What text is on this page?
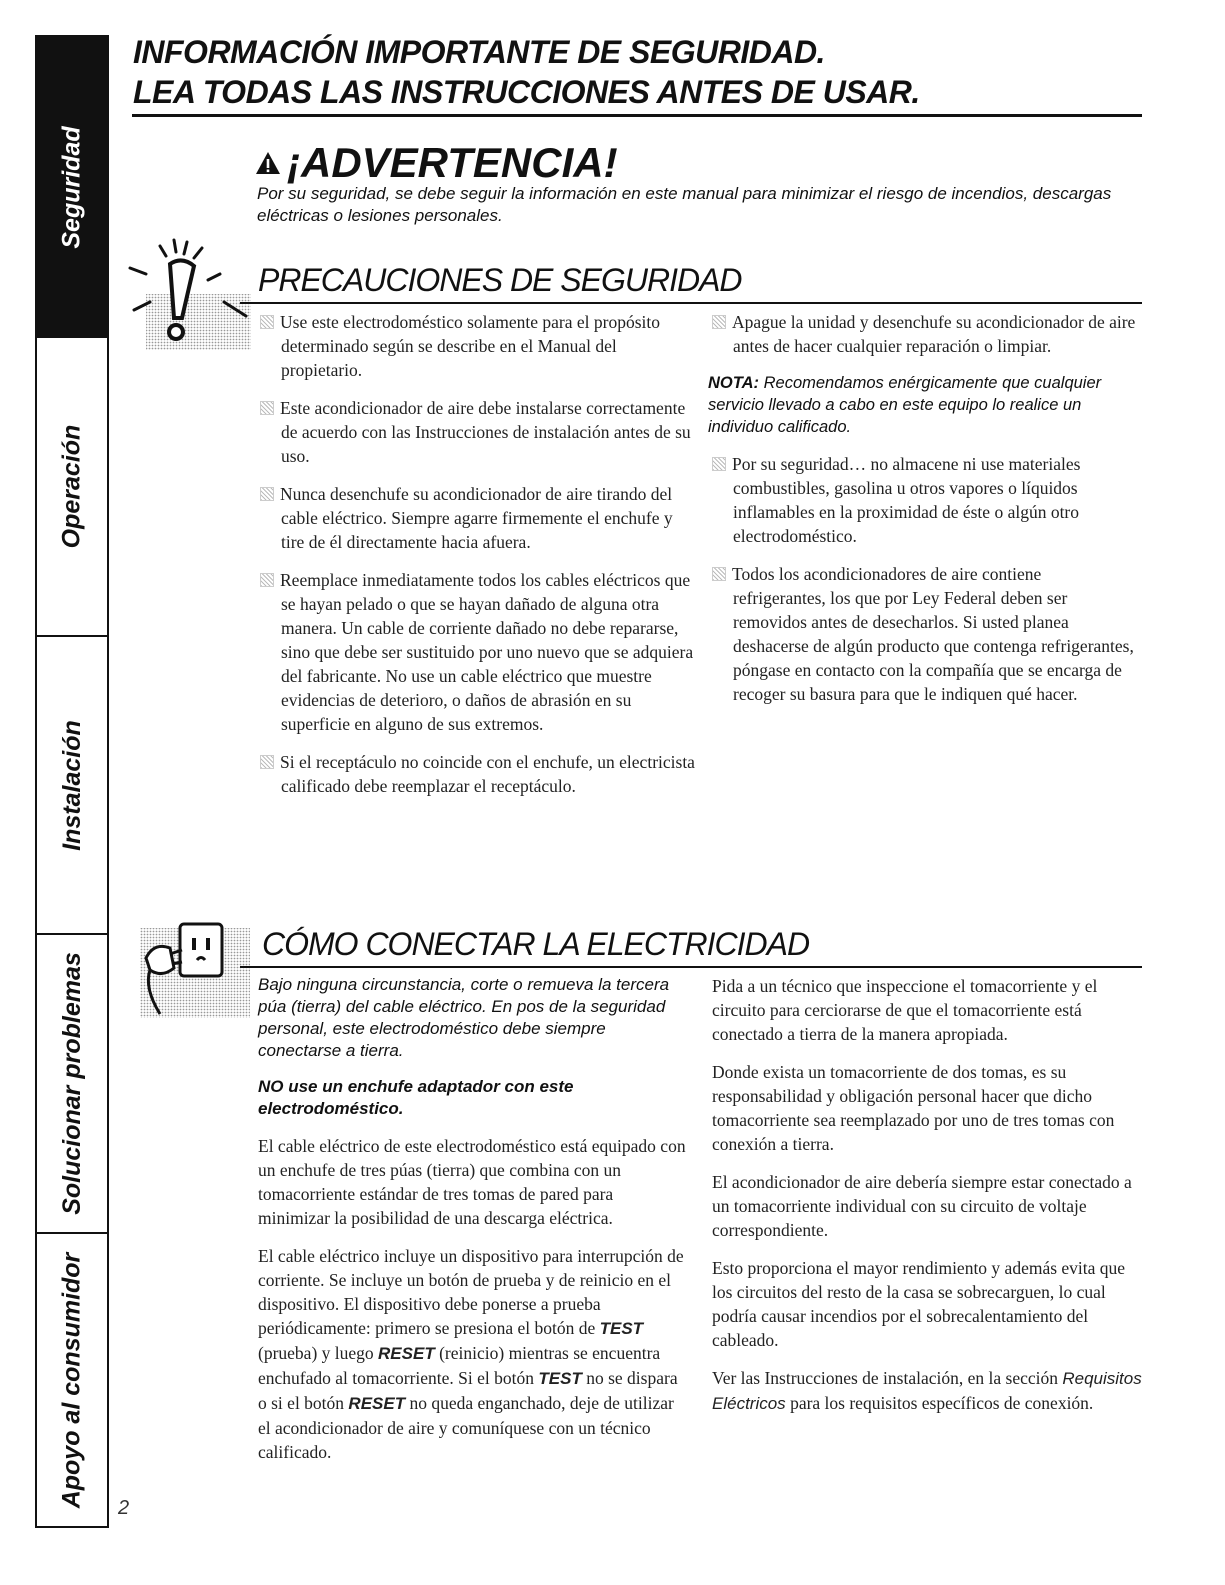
Seguridad
Operación
Instalación
Solucionar problemas
Apoyo al consumidor
INFORMACIÓN IMPORTANTE DE SEGURIDAD.
LEA TODAS LAS INSTRUCCIONES ANTES DE USAR.
¡ADVERTENCIA!
Por su seguridad, se debe seguir la información en este manual para minimizar el riesgo de incendios, descargas eléctricas o lesiones personales.
PRECAUCIONES DE SEGURIDAD

Use este electrodoméstico solamente para el propósito determinado según se describe en el Manual del propietario.

Este acondicionador de aire debe instalarse correctamente de acuerdo con las Instrucciones de instalación antes de su uso.

Nunca desenchufe su acondicionador de aire tirando del cable eléctrico. Siempre agarre firmemente el enchufe y tire de él directamente hacia afuera.

Reemplace inmediatamente todos los cables eléctricos que se hayan pelado o que se hayan dañado de alguna otra manera. Un cable de corriente dañado no debe repararse, sino que debe ser sustituido por uno nuevo que se adquiera del fabricante. No use un cable eléctrico que muestre evidencias de deterioro, o daños de abrasión en su superficie en alguno de sus extremos.

Si el receptáculo no coincide con el enchufe, un electricista calificado debe reemplazar el receptáculo.

Apague la unidad y desenchufe su acondicionador de aire antes de hacer cualquier reparación o limpiar.

NOTA: Recomendamos enérgicamente que cualquier servicio llevado a cabo en este equipo lo realice un individuo calificado.

Por su seguridad… no almacene ni use materiales combustibles, gasolina u otros vapores o líquidos inflamables en la proximidad de éste o algún otro electrodoméstico.

Todos los acondicionadores de aire contiene refrigerantes, los que por Ley Federal deben ser removidos antes de desecharlos. Si usted planea deshacerse de algún producto que contenga refrigerantes, póngase en contacto con la compañía que se encarga de recoger su basura para que le indiquen qué hacer.

CÓMO CONECTAR LA ELECTRICIDAD

Bajo ninguna circunstancia, corte o remueva la tercera púa (tierra) del cable eléctrico. En pos de la seguridad personal, este electrodoméstico debe siempre conectarse a tierra.

NO use un enchufe adaptador con este electrodoméstico.

El cable eléctrico de este electrodoméstico está equipado con un enchufe de tres púas (tierra) que combina con un tomacorriente estándar de tres tomas de pared para minimizar la posibilidad de una descarga eléctrica.

El cable eléctrico incluye un dispositivo para interrupción de corriente. Se incluye un botón de prueba y de reinicio en el dispositivo. El dispositivo debe ponerse a prueba periódicamente: primero se presiona el botón de TEST (prueba) y luego RESET (reinicio) mientras se encuentra enchufado al tomacorriente. Si el botón TEST no se dispara o si el botón RESET no queda enganchado, deje de utilizar el acondicionador de aire y comuníquese con un técnico calificado.

Pida a un técnico que inspeccione el tomacorriente y el circuito para cerciorarse de que el tomacorriente está conectado a tierra de la manera apropiada.

Donde exista un tomacorriente de dos tomas, es su responsabilidad y obligación personal hacer que dicho tomacorriente sea reemplazado por uno de tres tomas con conexión a tierra.

El acondicionador de aire debería siempre estar conectado a un tomacorriente individual con su circuito de voltaje correspondiente.

Esto proporciona el mayor rendimiento y además evita que los circuitos del resto de la casa se sobrecarguen, lo cual podría causar incendios por el sobrecalentamiento del cableado.

Ver las Instrucciones de instalación, en la sección Requisitos Eléctricos para los requisitos específicos de conexión.

2
